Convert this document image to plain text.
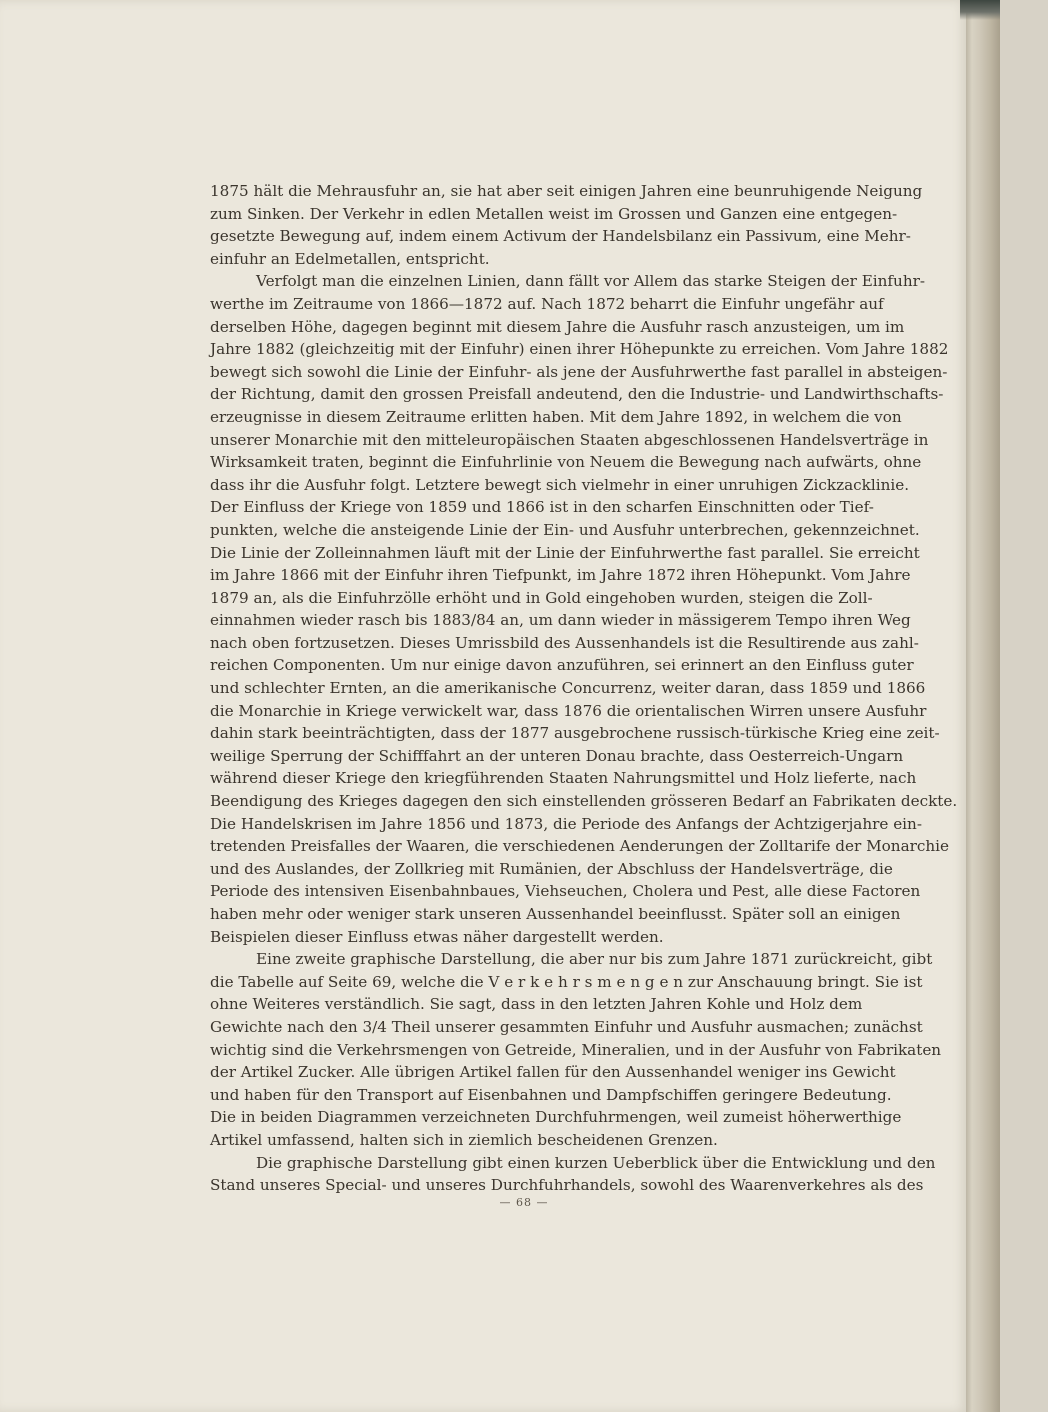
1875 hält die Mehrausfuhr an, sie hat aber seit einigen Jahren eine beunruhigende Neigung
zum Sinken. Der Verkehr in edlen Metallen weist im Grossen und Ganzen eine entgegen-
gesetzte Bewegung auf, indem einem Activum der Handelsbilanz ein Passivum, eine Mehr-
einfuhr an Edelmetallen, entspricht.
Verfolgt man die einzelnen Linien, dann fällt vor Allem das starke Steigen der Einfuhr-
werthe im Zeitraume von 1866—1872 auf. Nach 1872 beharrt die Einfuhr ungefähr auf
derselben Höhe, dagegen beginnt mit diesem Jahre die Ausfuhr rasch anzusteigen, um im
Jahre 1882 (gleichzeitig mit der Einfuhr) einen ihrer Höhepunkte zu erreichen. Vom Jahre 1882
bewegt sich sowohl die Linie der Einfuhr- als jene der Ausfuhrwerthe fast parallel in absteigen-
der Richtung, damit den grossen Preisfall andeutend, den die Industrie- und Landwirthschafts-
erzeugnisse in diesem Zeitraume erlitten haben. Mit dem Jahre 1892, in welchem die von
unserer Monarchie mit den mitteleuropäischen Staaten abgeschlossenen Handelsverträge in
Wirksamkeit traten, beginnt die Einfuhrlinie von Neuem die Bewegung nach aufwärts, ohne
dass ihr die Ausfuhr folgt. Letztere bewegt sich vielmehr in einer unruhigen Zickzacklinie.
Der Einfluss der Kriege von 1859 und 1866 ist in den scharfen Einschnitten oder Tief-
punkten, welche die ansteigende Linie der Ein- und Ausfuhr unterbrechen, gekennzeichnet.
Die Linie der Zolleinnahmen läuft mit der Linie der Einfuhrwerthe fast parallel. Sie erreicht
im Jahre 1866 mit der Einfuhr ihren Tiefpunkt, im Jahre 1872 ihren Höhepunkt. Vom Jahre
1879 an, als die Einfuhrzölle erhöht und in Gold eingehoben wurden, steigen die Zoll-
einnahmen wieder rasch bis 1883/84 an, um dann wieder in mässigerem Tempo ihren Weg
nach oben fortzusetzen. Dieses Umrissbild des Aussenhandels ist die Resultirende aus zahl-
reichen Componenten. Um nur einige davon anzuführen, sei erinnert an den Einfluss guter
und schlechter Ernten, an die amerikanische Concurrenz, weiter daran, dass 1859 und 1866
die Monarchie in Kriege verwickelt war, dass 1876 die orientalischen Wirren unsere Ausfuhr
dahin stark beeinträchtigten, dass der 1877 ausgebrochene russisch-türkische Krieg eine zeit-
weilige Sperrung der Schifffahrt an der unteren Donau brachte, dass Oesterreich-Ungarn
während dieser Kriege den kriegführenden Staaten Nahrungsmittel und Holz lieferte, nach
Beendigung des Krieges dagegen den sich einstellenden grösseren Bedarf an Fabrikaten deckte.
Die Handelskrisen im Jahre 1856 und 1873, die Periode des Anfangs der Achtzigerjahre ein-
tretenden Preisfalles der Waaren, die verschiedenen Aenderungen der Zolltarife der Monarchie
und des Auslandes, der Zollkrieg mit Rumänien, der Abschluss der Handelsverträge, die
Periode des intensiven Eisenbahnbaues, Viehseuchen, Cholera und Pest, alle diese Factoren
haben mehr oder weniger stark unseren Aussenhandel beeinflusst. Später soll an einigen
Beispielen dieser Einfluss etwas näher dargestellt werden.
Eine zweite graphische Darstellung, die aber nur bis zum Jahre 1871 zurückreicht, gibt
die Tabelle auf Seite 69, welche die V e r k e h r s m e n g e n zur Anschauung bringt. Sie ist
ohne Weiteres verständlich. Sie sagt, dass in den letzten Jahren Kohle und Holz dem
Gewichte nach den 3/4 Theil unserer gesammten Einfuhr und Ausfuhr ausmachen; zunächst
wichtig sind die Verkehrsmengen von Getreide, Mineralien, und in der Ausfuhr von Fabrikaten
der Artikel Zucker. Alle übrigen Artikel fallen für den Aussenhandel weniger ins Gewicht
und haben für den Transport auf Eisenbahnen und Dampfschiffen geringere Bedeutung.
Die in beiden Diagrammen verzeichneten Durchfuhrmengen, weil zumeist höherwerthige
Artikel umfassend, halten sich in ziemlich bescheidenen Grenzen.
Die graphische Darstellung gibt einen kurzen Ueberblick über die Entwicklung und den
Stand unseres Special- und unseres Durchfuhrhandels, sowohl des Waarenverkehres als des
— 68 —
